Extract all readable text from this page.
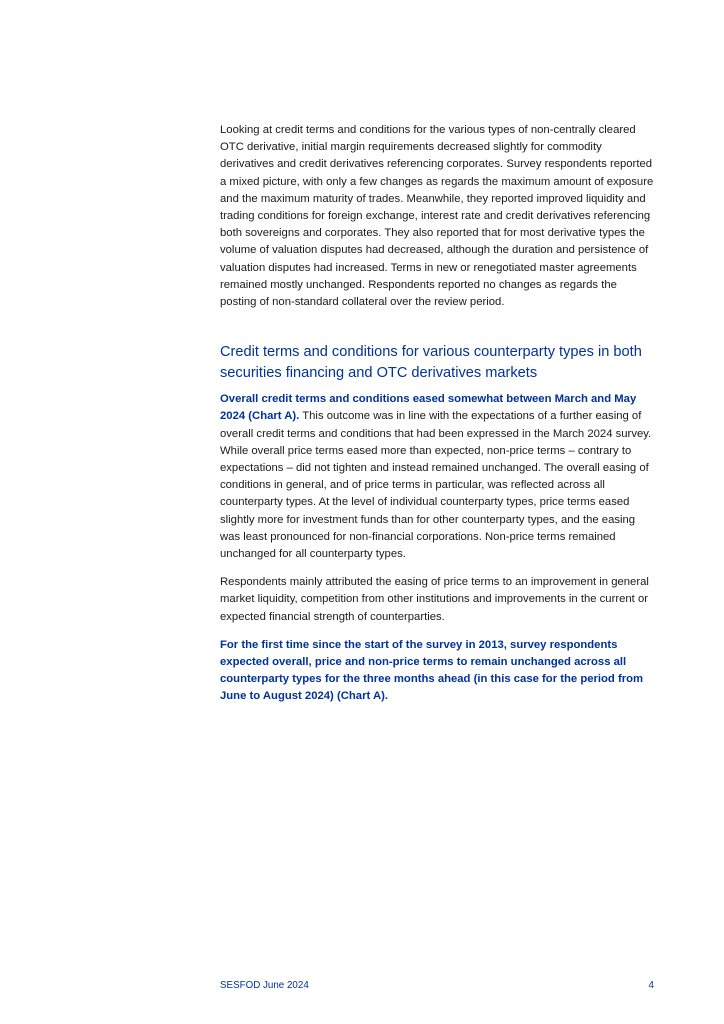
Looking at credit terms and conditions for the various types of non-centrally cleared OTC derivative, initial margin requirements decreased slightly for commodity derivatives and credit derivatives referencing corporates. Survey respondents reported a mixed picture, with only a few changes as regards the maximum amount of exposure and the maximum maturity of trades. Meanwhile, they reported improved liquidity and trading conditions for foreign exchange, interest rate and credit derivatives referencing both sovereigns and corporates. They also reported that for most derivative types the volume of valuation disputes had decreased, although the duration and persistence of valuation disputes had increased. Terms in new or renegotiated master agreements remained mostly unchanged. Respondents reported no changes as regards the posting of non-standard collateral over the review period.

Credit terms and conditions for various counterparty types in both securities financing and OTC derivatives markets

Overall credit terms and conditions eased somewhat between March and May 2024 (Chart A). This outcome was in line with the expectations of a further easing of overall credit terms and conditions that had been expressed in the March 2024 survey. While overall price terms eased more than expected, non-price terms – contrary to expectations – did not tighten and instead remained unchanged. The overall easing of conditions in general, and of price terms in particular, was reflected across all counterparty types. At the level of individual counterparty types, price terms eased slightly more for investment funds than for other counterparty types, and the easing was least pronounced for non-financial corporations. Non-price terms remained unchanged for all counterparty types.

Respondents mainly attributed the easing of price terms to an improvement in general market liquidity, competition from other institutions and improvements in the current or expected financial strength of counterparties.

For the first time since the start of the survey in 2013, survey respondents expected overall, price and non-price terms to remain unchanged across all counterparty types for the three months ahead (in this case for the period from June to August 2024) (Chart A).

SESFOD June 2024	4
